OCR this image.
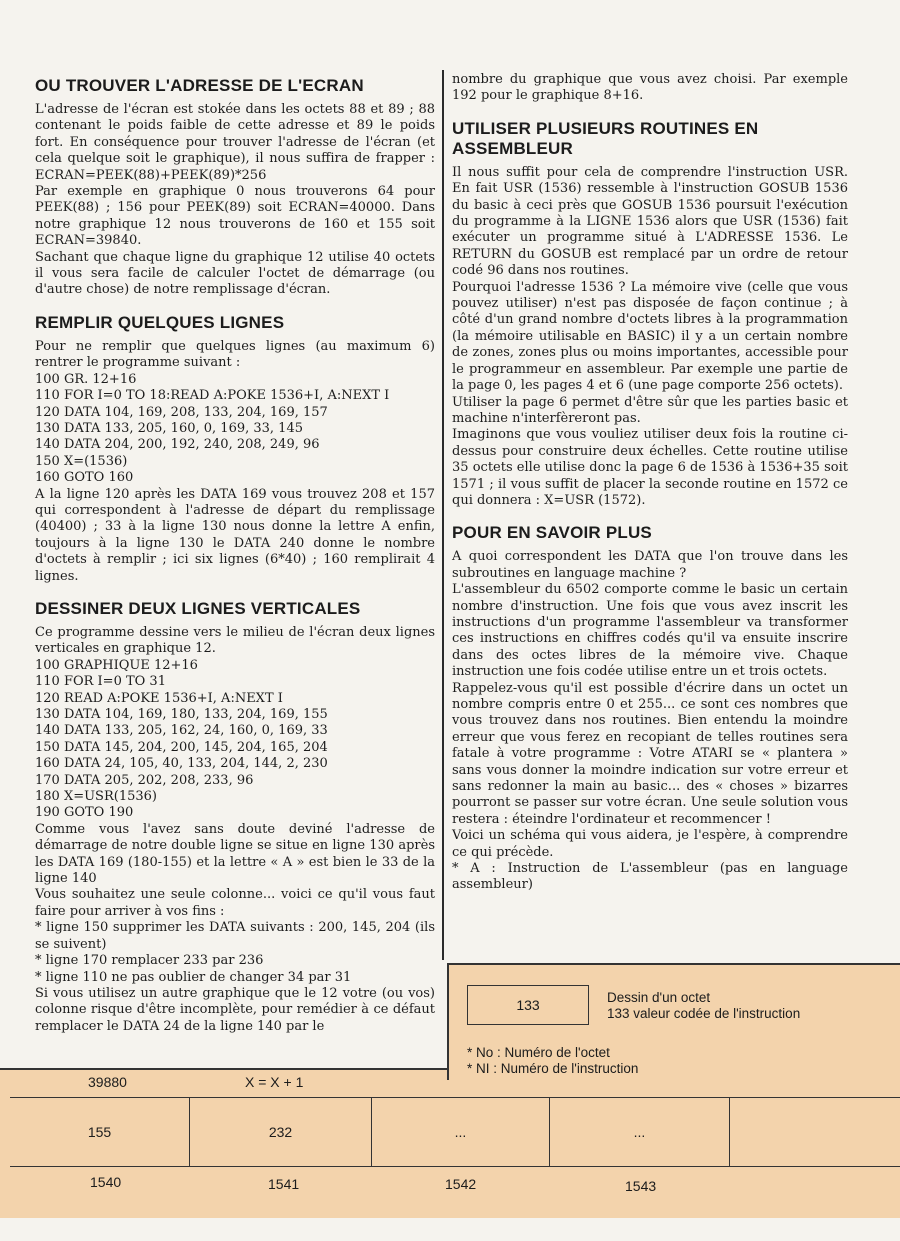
OU TROUVER L'ADRESSE DE L'ECRAN

L'adresse de l'écran est stokée dans les octets 88 et 89 ; 88 contenant le poids faible de cette adresse et 89 le poids fort. En conséquence pour trouver l'adresse de l'écran (et cela quelque soit le graphique), il nous suffira de frapper : ECRAN=PEEK(88)+PEEK(89)*256

Par exemple en graphique 0 nous trouverons 64 pour PEEK(88) ; 156 pour PEEK(89) soit ECRAN=40000. Dans notre graphique 12 nous trouverons de 160 et 155 soit ECRAN=39840.

Sachant que chaque ligne du graphique 12 utilise 40 octets il vous sera facile de calculer l'octet de démarrage (ou d'autre chose) de notre remplissage d'écran.

REMPLIR QUELQUES LIGNES

Pour ne remplir que quelques lignes (au maximum 6) rentrer le programme suivant :

100 GR. 12+16

110 FOR I=0 TO 18:READ A:POKE 1536+I, A:NEXT I

120 DATA 104, 169, 208, 133, 204, 169, 157

130 DATA 133, 205, 160, 0, 169, 33, 145

140 DATA 204, 200, 192, 240, 208, 249, 96

150 X=(1536)

160 GOTO 160

A la ligne 120 après les DATA 169 vous trouvez 208 et 157 qui correspondent à l'adresse de départ du remplissage (40400) ; 33 à la ligne 130 nous donne la lettre A enfin, toujours à la ligne 130 le DATA 240 donne le nombre d'octets à remplir ; ici six lignes (6*40) ; 160 remplirait 4 lignes.

DESSINER DEUX LIGNES VERTICALES

Ce programme dessine vers le milieu de l'écran deux lignes verticales en graphique 12.

100 GRAPHIQUE 12+16

110 FOR I=0 TO 31

120 READ A:POKE 1536+I, A:NEXT I

130 DATA 104, 169, 180, 133, 204, 169, 155

140 DATA 133, 205, 162, 24, 160, 0, 169, 33

150 DATA 145, 204, 200, 145, 204, 165, 204

160 DATA 24, 105, 40, 133, 204, 144, 2, 230

170 DATA 205, 202, 208, 233, 96

180 X=USR(1536)

190 GOTO 190

Comme vous l'avez sans doute deviné l'adresse de démarrage de notre double ligne se situe en ligne 130 après les DATA 169 (180-155) et la lettre « A » est bien le 33 de la ligne 140

Vous souhaitez une seule colonne... voici ce qu'il vous faut faire pour arriver à vos fins :

* ligne 150 supprimer les DATA suivants : 200, 145, 204 (ils se suivent)

* ligne 170 remplacer 233 par 236

* ligne 110 ne pas oublier de changer 34 par 31

Si vous utilisez un autre graphique que le 12 votre (ou vos) colonne risque d'être incomplète, pour remédier à ce défaut remplacer le DATA 24 de la ligne 140 par le

nombre du graphique que vous avez choisi. Par exemple 192 pour le graphique 8+16.

UTILISER PLUSIEURS ROUTINES EN ASSEMBLEUR

Il nous suffit pour cela de comprendre l'instruction USR. En fait USR (1536) ressemble à l'instruction GOSUB 1536 du basic à ceci près que GOSUB 1536 poursuit l'exécution du programme à la LIGNE 1536 alors que USR (1536) fait exécuter un programme situé à L'ADRESSE 1536. Le RETURN du GOSUB est remplacé par un ordre de retour codé 96 dans nos routines.

Pourquoi l'adresse 1536 ? La mémoire vive (celle que vous pouvez utiliser) n'est pas disposée de façon continue ; à côté d'un grand nombre d'octets libres à la programmation (la mémoire utilisable en BASIC) il y a un certain nombre de zones, zones plus ou moins importantes, accessible pour le programmeur en assembleur. Par exemple une partie de la page 0, les pages 4 et 6 (une page comporte 256 octets).

Utiliser la page 6 permet d'être sûr que les parties basic et machine n'interfèreront pas.

Imaginons que vous vouliez utiliser deux fois la routine ci-dessus pour construire deux échelles. Cette routine utilise 35 octets elle utilise donc la page 6 de 1536 à 1536+35 soit 1571 ; il vous suffit de placer la seconde routine en 1572 ce qui donnera : X=USR (1572).

POUR EN SAVOIR PLUS

A quoi correspondent les DATA que l'on trouve dans les subroutines en language machine ?

L'assembleur du 6502 comporte comme le basic un certain nombre d'instruction. Une fois que vous avez inscrit les instructions d'un programme l'assembleur va transformer ces instructions en chiffres codés qu'il va ensuite inscrire dans des octes libres de la mémoire vive. Chaque instruction une fois codée utilise entre un et trois octets.

Rappelez-vous qu'il est possible d'écrire dans un octet un nombre compris entre 0 et 255... ce sont ces nombres que vous trouvez dans nos routines. Bien entendu la moindre erreur que vous ferez en recopiant de telles routines sera fatale à votre programme : Votre ATARI se « plantera » sans vous donner la moindre indication sur votre erreur et sans redonner la main au basic... des « choses » bizarres pourront se passer sur votre écran. Une seule solution vous restera : éteindre l'ordinateur et recommencer !

Voici un schéma qui vous aidera, je l'espère, à comprendre ce qui précède.

* A : Instruction de L'assembleur (pas en language assembleur)

39880	X = X + 1
133	Dessin d'un octet
133 valeur codée de l'instruction
* No : Numéro de l'octet
* NI : Numéro de l'instruction
155	232	...	...
1540	1541	1542	1543
